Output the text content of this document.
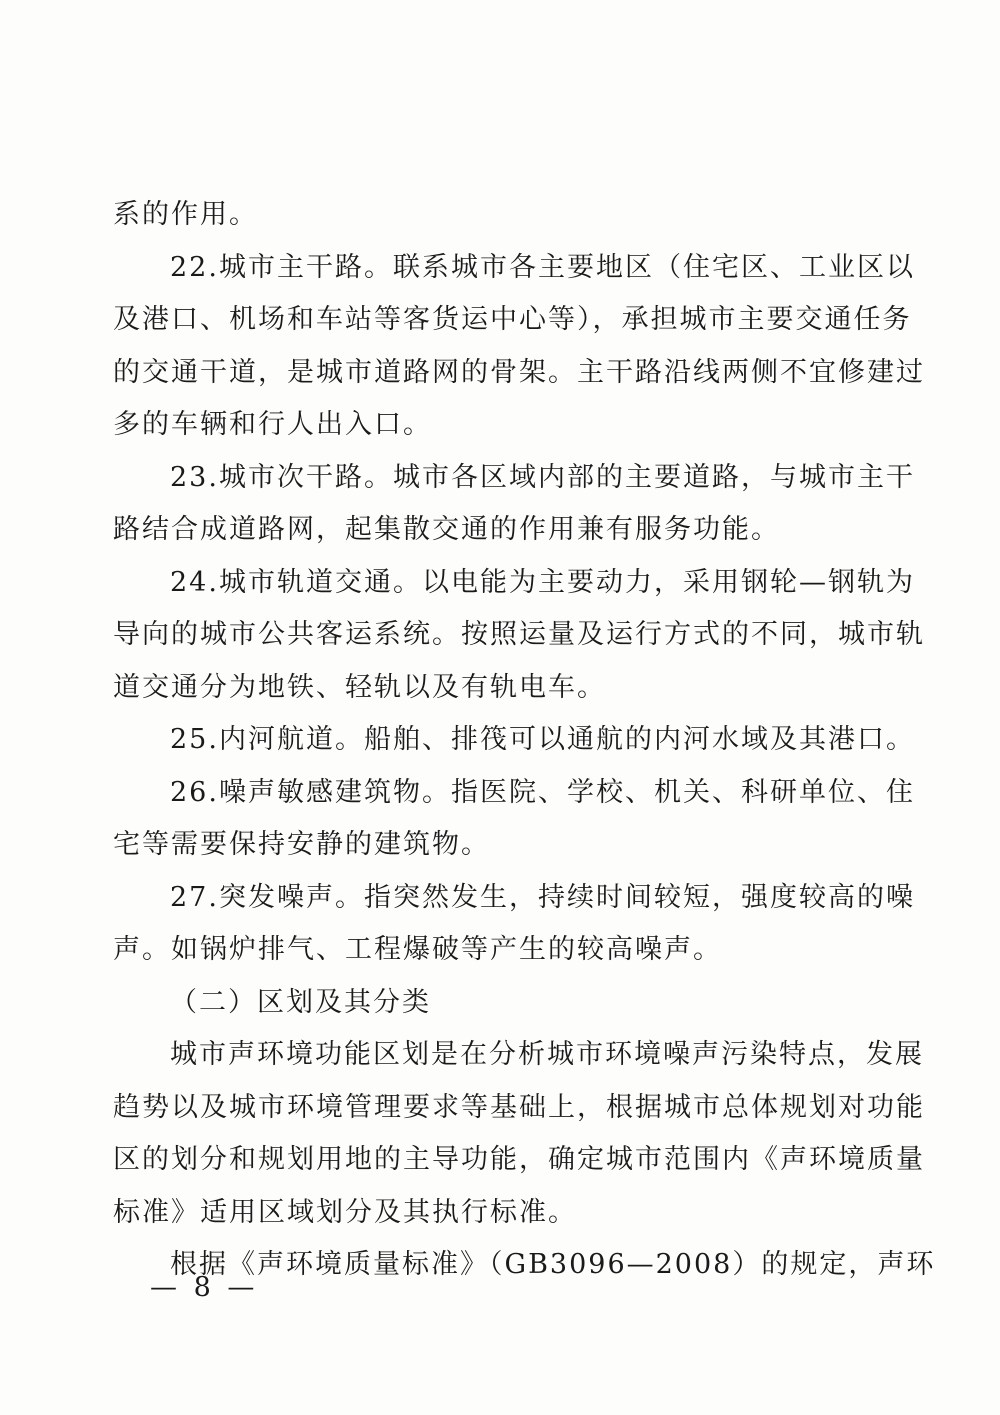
系的作用。
22.城市主干路。联系城市各主要地区（住宅区、工业区以
及港口、机场和车站等客货运中心等），承担城市主要交通任务
的交通干道，是城市道路网的骨架。主干路沿线两侧不宜修建过
多的车辆和行人出入口。
23.城市次干路。城市各区域内部的主要道路，与城市主干
路结合成道路网，起集散交通的作用兼有服务功能。
24.城市轨道交通。以电能为主要动力，采用钢轮—钢轨为
导向的城市公共客运系统。按照运量及运行方式的不同，城市轨
道交通分为地铁、轻轨以及有轨电车。
25.内河航道。船舶、排筏可以通航的内河水域及其港口。
26.噪声敏感建筑物。指医院、学校、机关、科研单位、住
宅等需要保持安静的建筑物。
27.突发噪声。指突然发生，持续时间较短，强度较高的噪
声。如锅炉排气、工程爆破等产生的较高噪声。
（二）区划及其分类
城市声环境功能区划是在分析城市环境噪声污染特点，发展
趋势以及城市环境管理要求等基础上，根据城市总体规划对功能
区的划分和规划用地的主导功能，确定城市范围内《声环境质量
标准》适用区域划分及其执行标准。
根据《声环境质量标准》（GB3096—2008）的规定，声环
— 8 —
